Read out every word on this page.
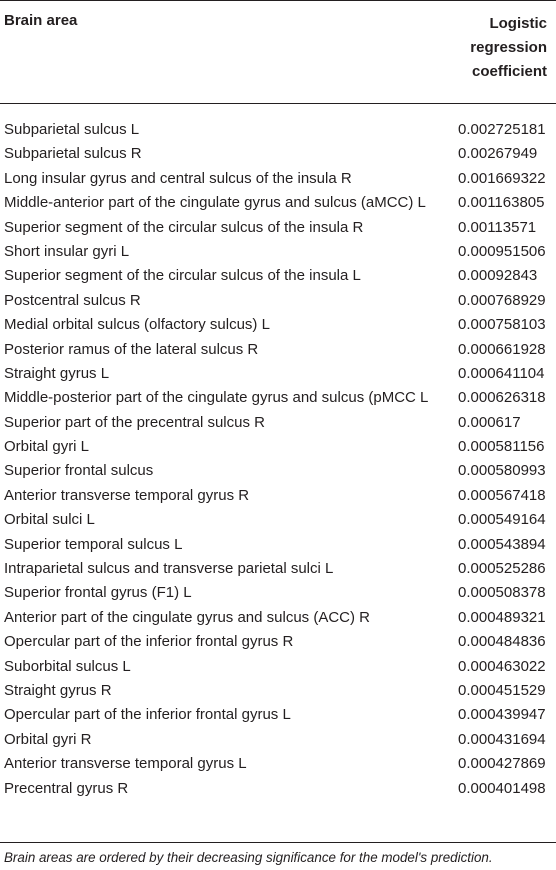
Brain area	Logistic
regression
coefficient
Subparietal sulcus L	0.002725181
Subparietal sulcus R	0.00267949
Long insular gyrus and central sulcus of the insula R	0.001669322
Middle-anterior part of the cingulate gyrus and sulcus (aMCC) L 0.001163805
Superior segment of the circular sulcus of the insula R	0.00113571
Short insular gyri L	0.000951506
Superior segment of the circular sulcus of the insula L	0.00092843
Postcentral sulcus R	0.000768929
Medial orbital sulcus (olfactory sulcus) L	0.000758103
Posterior ramus of the lateral sulcus R	0.000661928
Straight gyrus L	0.000641104
Middle-posterior part of the cingulate gyrus and sulcus (pMCC L 0.000626318
Superior part of the precentral sulcus R	0.000617
Orbital gyri L	0.000581156
Superior frontal sulcus	0.000580993
Anterior transverse temporal gyrus R	0.000567418
Orbital sulci L	0.000549164
Superior temporal sulcus L	0.000543894
Intraparietal sulcus and transverse parietal sulci L	0.000525286
Superior frontal gyrus (F1) L	0.000508378
Anterior part of the cingulate gyrus and sulcus (ACC) R	0.000489321
Opercular part of the inferior frontal gyrus R	0.000484836
Suborbital sulcus L	0.000463022
Straight gyrus R	0.000451529
Opercular part of the inferior frontal gyrus L	0.000439947
Orbital gyri R	0.000431694
Anterior transverse temporal gyrus L	0.000427869
Precentral gyrus R	0.000401498
Brain areas are ordered by their decreasing significance for the model's prediction.
